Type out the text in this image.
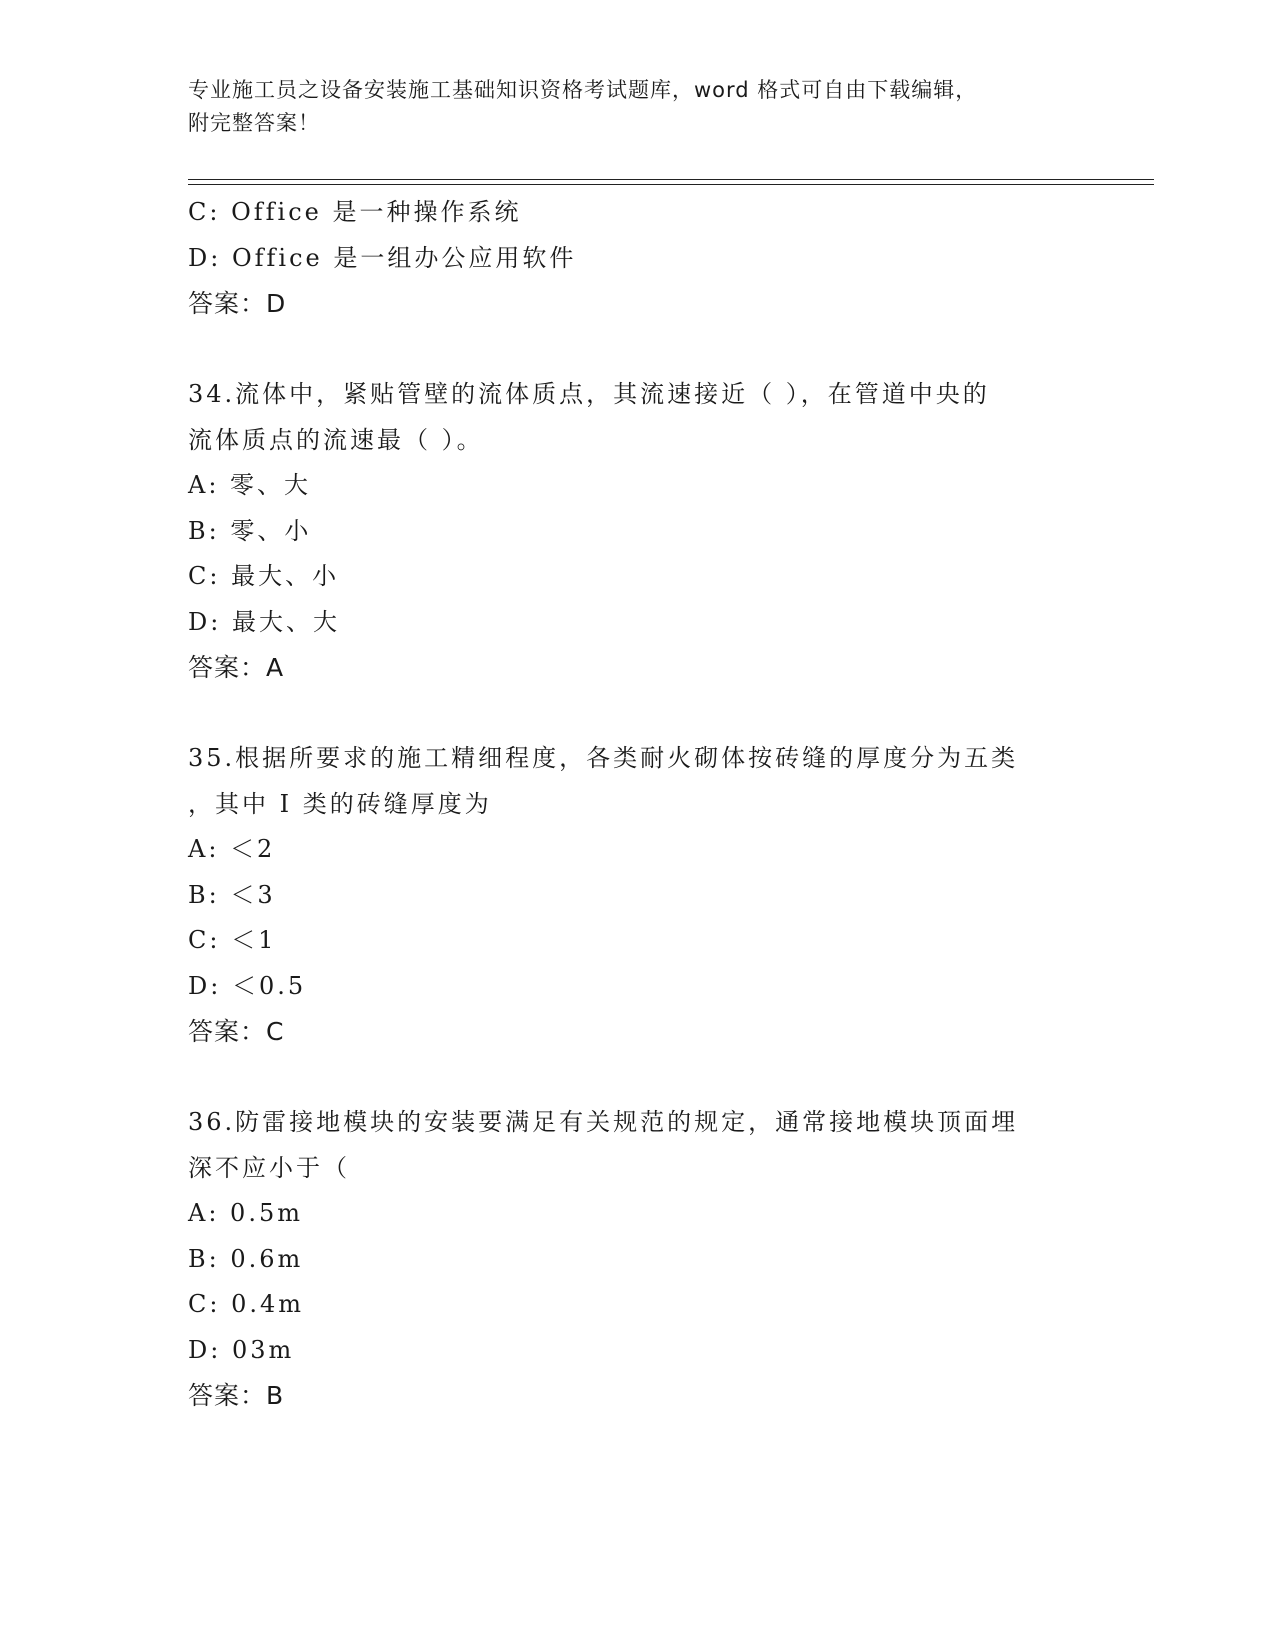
专业施工员之设备安装施工基础知识资格考试题库，word 格式可自由下载编辑，
附完整答案！
C: Office 是一种操作系统
D: Office 是一组办公应用软件
答案：D
34.流体中，紧贴管壁的流体质点，其流速接近（ ），在管道中央的
流体质点的流速最（ ）。
A: 零、大
B: 零、小
C: 最大、小
D: 最大、大
答案：A
35.根据所要求的施工精细程度，各类耐火砌体按砖缝的厚度分为五类
，其中 I 类的砖缝厚度为
A: ＜2
B: ＜3
C: ＜1
D: ＜0.5
答案：C
36.防雷接地模块的安装要满足有关规范的规定，通常接地模块顶面埋
深不应小于（
A: 0.5m
B: 0.6m
C: 0.4m
D: 03m
答案：B
